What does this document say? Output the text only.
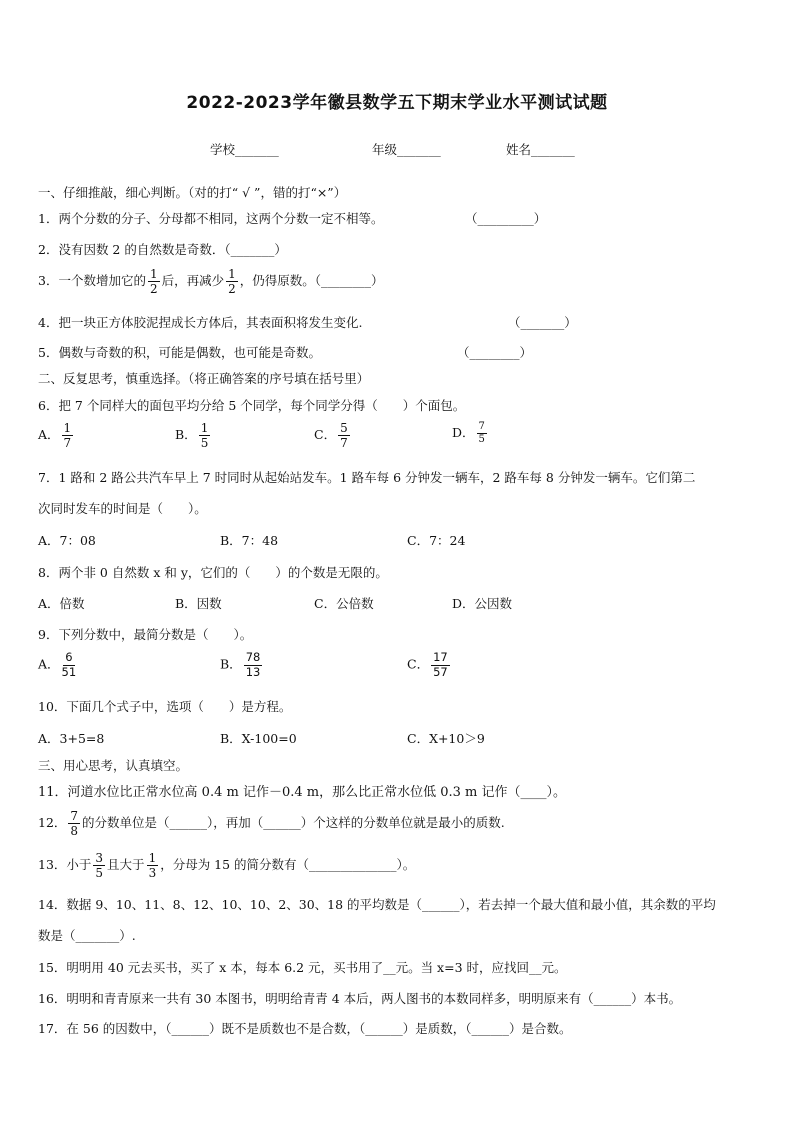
2022-2023学年徽县数学五下期末学业水平测试试题
学校_______	年级_______	姓名_______
一、仔细推敲，细心判断。（对的打“ √ ”，错的打“×”）
1．两个分数的分子、分母都不相同，这两个分数一定不相等。	（_________）
2．没有因数 2 的自然数是奇数．（_______）
3．一个数增加它的 $\frac{1}{2}$ 后，再减少 $\frac{1}{2}$ ，仍得原数。（________）
4．把一块正方体胶泥捏成长方体后，其表面积将发生变化.	（_______）
5．偶数与奇数的积，可能是偶数，也可能是奇数。	（________）
二、反复思考，慎重选择。（将正确答案的序号填在括号里）
6．把 7 个同样大的面包平均分给 5 个同学，每个同学分得（　　）个面包。
A． $\frac{1}{7}$	B． $\frac{1}{5}$	C． $\frac{5}{7}$	D． $\frac{7}{5}$
7．1 路和 2 路公共汽车早上 7 时同时从起始站发车。1 路车每 6 分钟发一辆车，2 路车每 8 分钟发一辆车。它们第二
次同时发车的时间是（　　）。
A．7：08	B．7：48	C．7：24
8．两个非 0 自然数 x 和 y，它们的（　　）的个数是无限的。
A．倍数	B．因数	C．公倍数	D．公因数
9．下列分数中，最简分数是（　　）。
A． $\frac{6}{51}$	B． $\frac{78}{13}$	C． $\frac{17}{57}$
10．下面几个式子中，选项（　　）是方程。
A．3+5=8	B．X-100=0	C．X+10＞9
三、用心思考，认真填空。
11．河道水位比正常水位高 0.4 m 记作－0.4 m，那么比正常水位低 0.3 m 记作（____）。
12． $\frac{7}{8}$ 的分数单位是（______），再加（______）个这样的分数单位就是最小的质数.
13．小于 $\frac{3}{5}$ 且大于 $\frac{1}{3}$ ，分母为 15 的简分数有（______________）。
14．数据 9、10、11、8、12、10、10、2、30、18 的平均数是（______），若去掉一个最大值和最小值，其余数的平均
数是（_______）.
15．明明用 40 元去买书，买了 x 本，每本 6.2 元，买书用了__元。当 x=3 时，应找回__元。
16．明明和青青原来一共有 30 本图书，明明给青青 4 本后，两人图书的本数同样多，明明原来有（______）本书。
17．在 56 的因数中，（______）既不是质数也不是合数，（______）是质数，（______）是合数。
